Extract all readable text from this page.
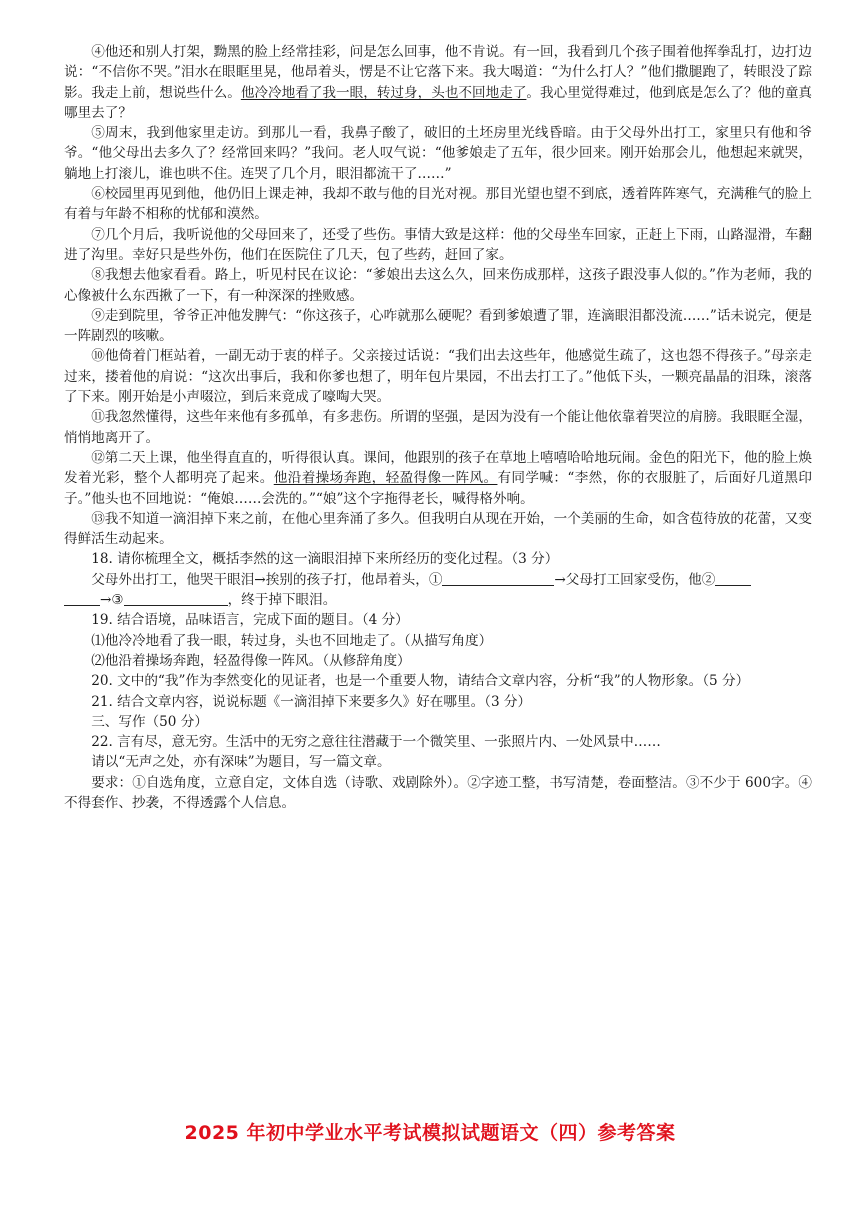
④他还和别人打架，黝黑的脸上经常挂彩，问是怎么回事，他不肯说。有一回，我看到几个孩子围着他挥拳乱打，边打边说：“不信你不哭。”泪水在眼眶里晃，他昂着头，愣是不让它落下来。我大喝道：“为什么打人？”他们撒腿跑了，转眼没了踪影。我走上前，想说些什么。他冷冷地看了我一眼，转过身，头也不回地走了。我心里觉得难过，他到底是怎么了？他的童真哪里去了？

⑤周末，我到他家里走访。到那儿一看，我鼻子酸了，破旧的土坯房里光线昏暗。由于父母外出打工，家里只有他和爷爷。“他父母出去多久了？经常回来吗？”我问。老人叹气说：“他爹娘走了五年，很少回来。刚开始那会儿，他想起来就哭，躺地上打滚儿，谁也哄不住。连哭了几个月，眼泪都流干了……”

⑥校园里再见到他，他仍旧上课走神，我却不敢与他的目光对视。那目光望也望不到底，透着阵阵寒气，充满稚气的脸上有着与年龄不相称的忧郁和漠然。

⑦几个月后，我听说他的父母回来了，还受了些伤。事情大致是这样：他的父母坐车回家，正赶上下雨，山路湿滑，车翻进了沟里。幸好只是些外伤，他们在医院住了几天，包了些药，赶回了家。

⑧我想去他家看看。路上，听见村民在议论：“爹娘出去这么久，回来伤成那样，这孩子跟没事人似的。”作为老师，我的心像被什么东西揪了一下，有一种深深的挫败感。

⑨走到院里，爷爷正冲他发脾气：“你这孩子，心咋就那么硬呢？看到爹娘遭了罪，连滴眼泪都没流……”话未说完，便是一阵剧烈的咳嗽。

⑩他倚着门框站着，一副无动于衷的样子。父亲接过话说：“我们出去这些年，他感觉生疏了，这也怨不得孩子。”母亲走过来，搂着他的肩说：“这次出事后，我和你爹也想了，明年包片果园，不出去打工了。”他低下头，一颗亮晶晶的泪珠，滚落了下来。刚开始是小声啜泣，到后来竟成了嚎啕大哭。

⑪我忽然懂得，这些年来他有多孤单，有多悲伤。所谓的坚强，是因为没有一个能让他依靠着哭泣的肩膀。我眼眶全湿，悄悄地离开了。

⑫第二天上课，他坐得直直的，听得很认真。课间，他跟别的孩子在草地上嘻嘻哈哈地玩闹。金色的阳光下，他的脸上焕发着光彩，整个人都明亮了起来。他沿着操场奔跑，轻盈得像一阵风。有同学喊：“李然，你的衣服脏了，后面好几道黑印子。”他头也不回地说：“俺娘……会洗的。”“娘”这个字拖得老长，喊得格外响。

⑬我不知道一滴泪掉下来之前，在他心里奔涌了多久。但我明白从现在开始，一个美丽的生命，如含苞待放的花蕾，又变得鲜活生动起来。

18. 请你梳理全文，概括李然的这一滴眼泪掉下来所经历的变化过程。（3 分）

父母外出打工，他哭干眼泪→挨别的孩子打，他昂着头，①	→父母打工回家受伤，他②
→③	，终于掉下眼泪。

19. 结合语境，品味语言，完成下面的题目。（4 分）

⑴他冷冷地看了我一眼，转过身，头也不回地走了。（从描写角度）

⑵他沿着操场奔跑，轻盈得像一阵风。（从修辞角度）

20. 文中的“我”作为李然变化的见证者，也是一个重要人物，请结合文章内容，分析“我”的人物形象。（5 分）

21. 结合文章内容，说说标题《一滴泪掉下来要多久》好在哪里。（3 分）

三、写作（50 分）

22. 言有尽，意无穷。生活中的无穷之意往往潜藏于一个微笑里、一张照片内、一处风景中……

请以“无声之处，亦有深味”为题目，写一篇文章。

要求：①自选角度，立意自定，文体自选（诗歌、戏剧除外）。②字迹工整，书写清楚，卷面整洁。③不少于 600字。④不得套作、抄袭，不得透露个人信息。

2025 年初中学业水平考试模拟试题语文（四）参考答案
